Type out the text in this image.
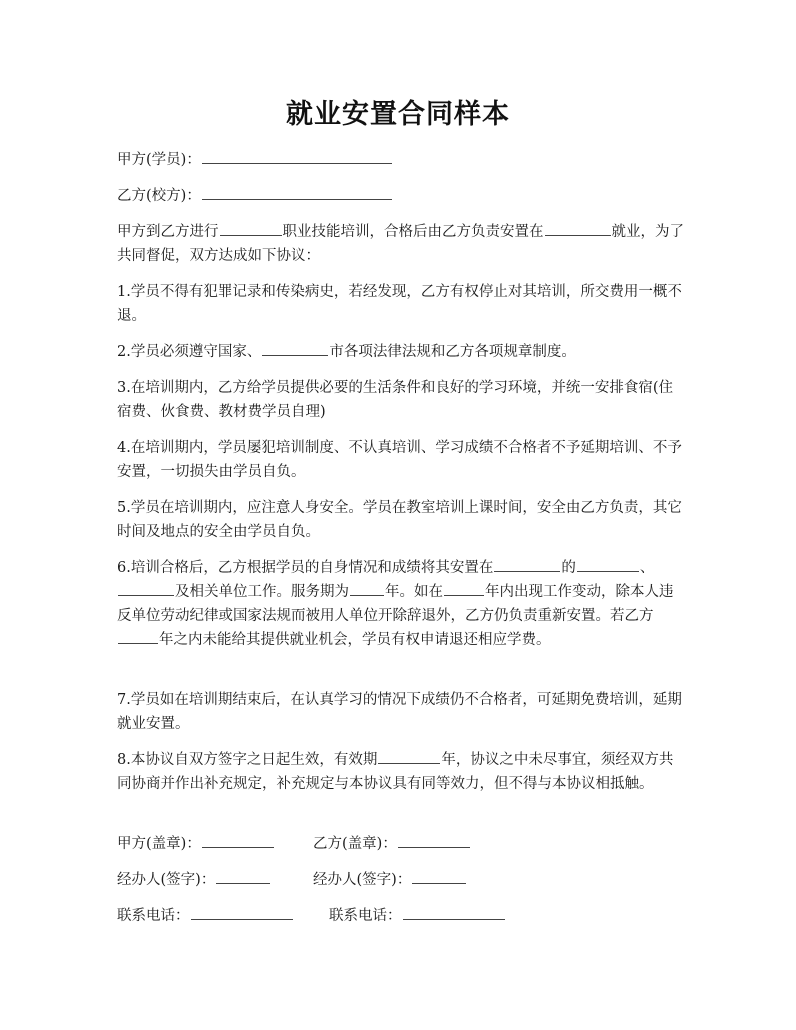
就业安置合同样本
甲方(学员)：
乙方(校方)：
甲方到乙方进行	职业技能培训，合格后由乙方负责安置在	就业，为了共同督促，双方达成如下协议：
1.学员不得有犯罪记录和传染病史，若经发现，乙方有权停止对其培训，所交费用一概不退。
2.学员必须遵守国家、	市各项法律法规和乙方各项规章制度。
3.在培训期内，乙方给学员提供必要的生活条件和良好的学习环境，并统一安排食宿(住宿费、伙食费、教材费学员自理)
4.在培训期内，学员屡犯培训制度、不认真培训、学习成绩不合格者不予延期培训、不予安置，一切损失由学员自负。
5.学员在培训期内，应注意人身安全。学员在教室培训上课时间，安全由乙方负责，其它时间及地点的安全由学员自负。
6.培训合格后，乙方根据学员的自身情况和成绩将其安置在	的	、及相关单位工作。服务期为 年。如在	年内出现工作变动，除本人违反单位劳动纪律或国家法规而被用人单位开除辞退外，乙方仍负责重新安置。若乙方年之内未能给其提供就业机会，学员有权申请退还相应学费。
7.学员如在培训期结束后，在认真学习的情况下成绩仍不合格者，可延期免费培训，延期就业安置。
8.本协议自双方签字之日起生效，有效期	年，协议之中未尽事宜，须经双方共同协商并作出补充规定，补充规定与本协议具有同等效力，但不得与本协议相抵触。
甲方(盖章)：	乙方(盖章)：
经办人(签字)：	经办人(签字)：
联系电话：	联系电话：
